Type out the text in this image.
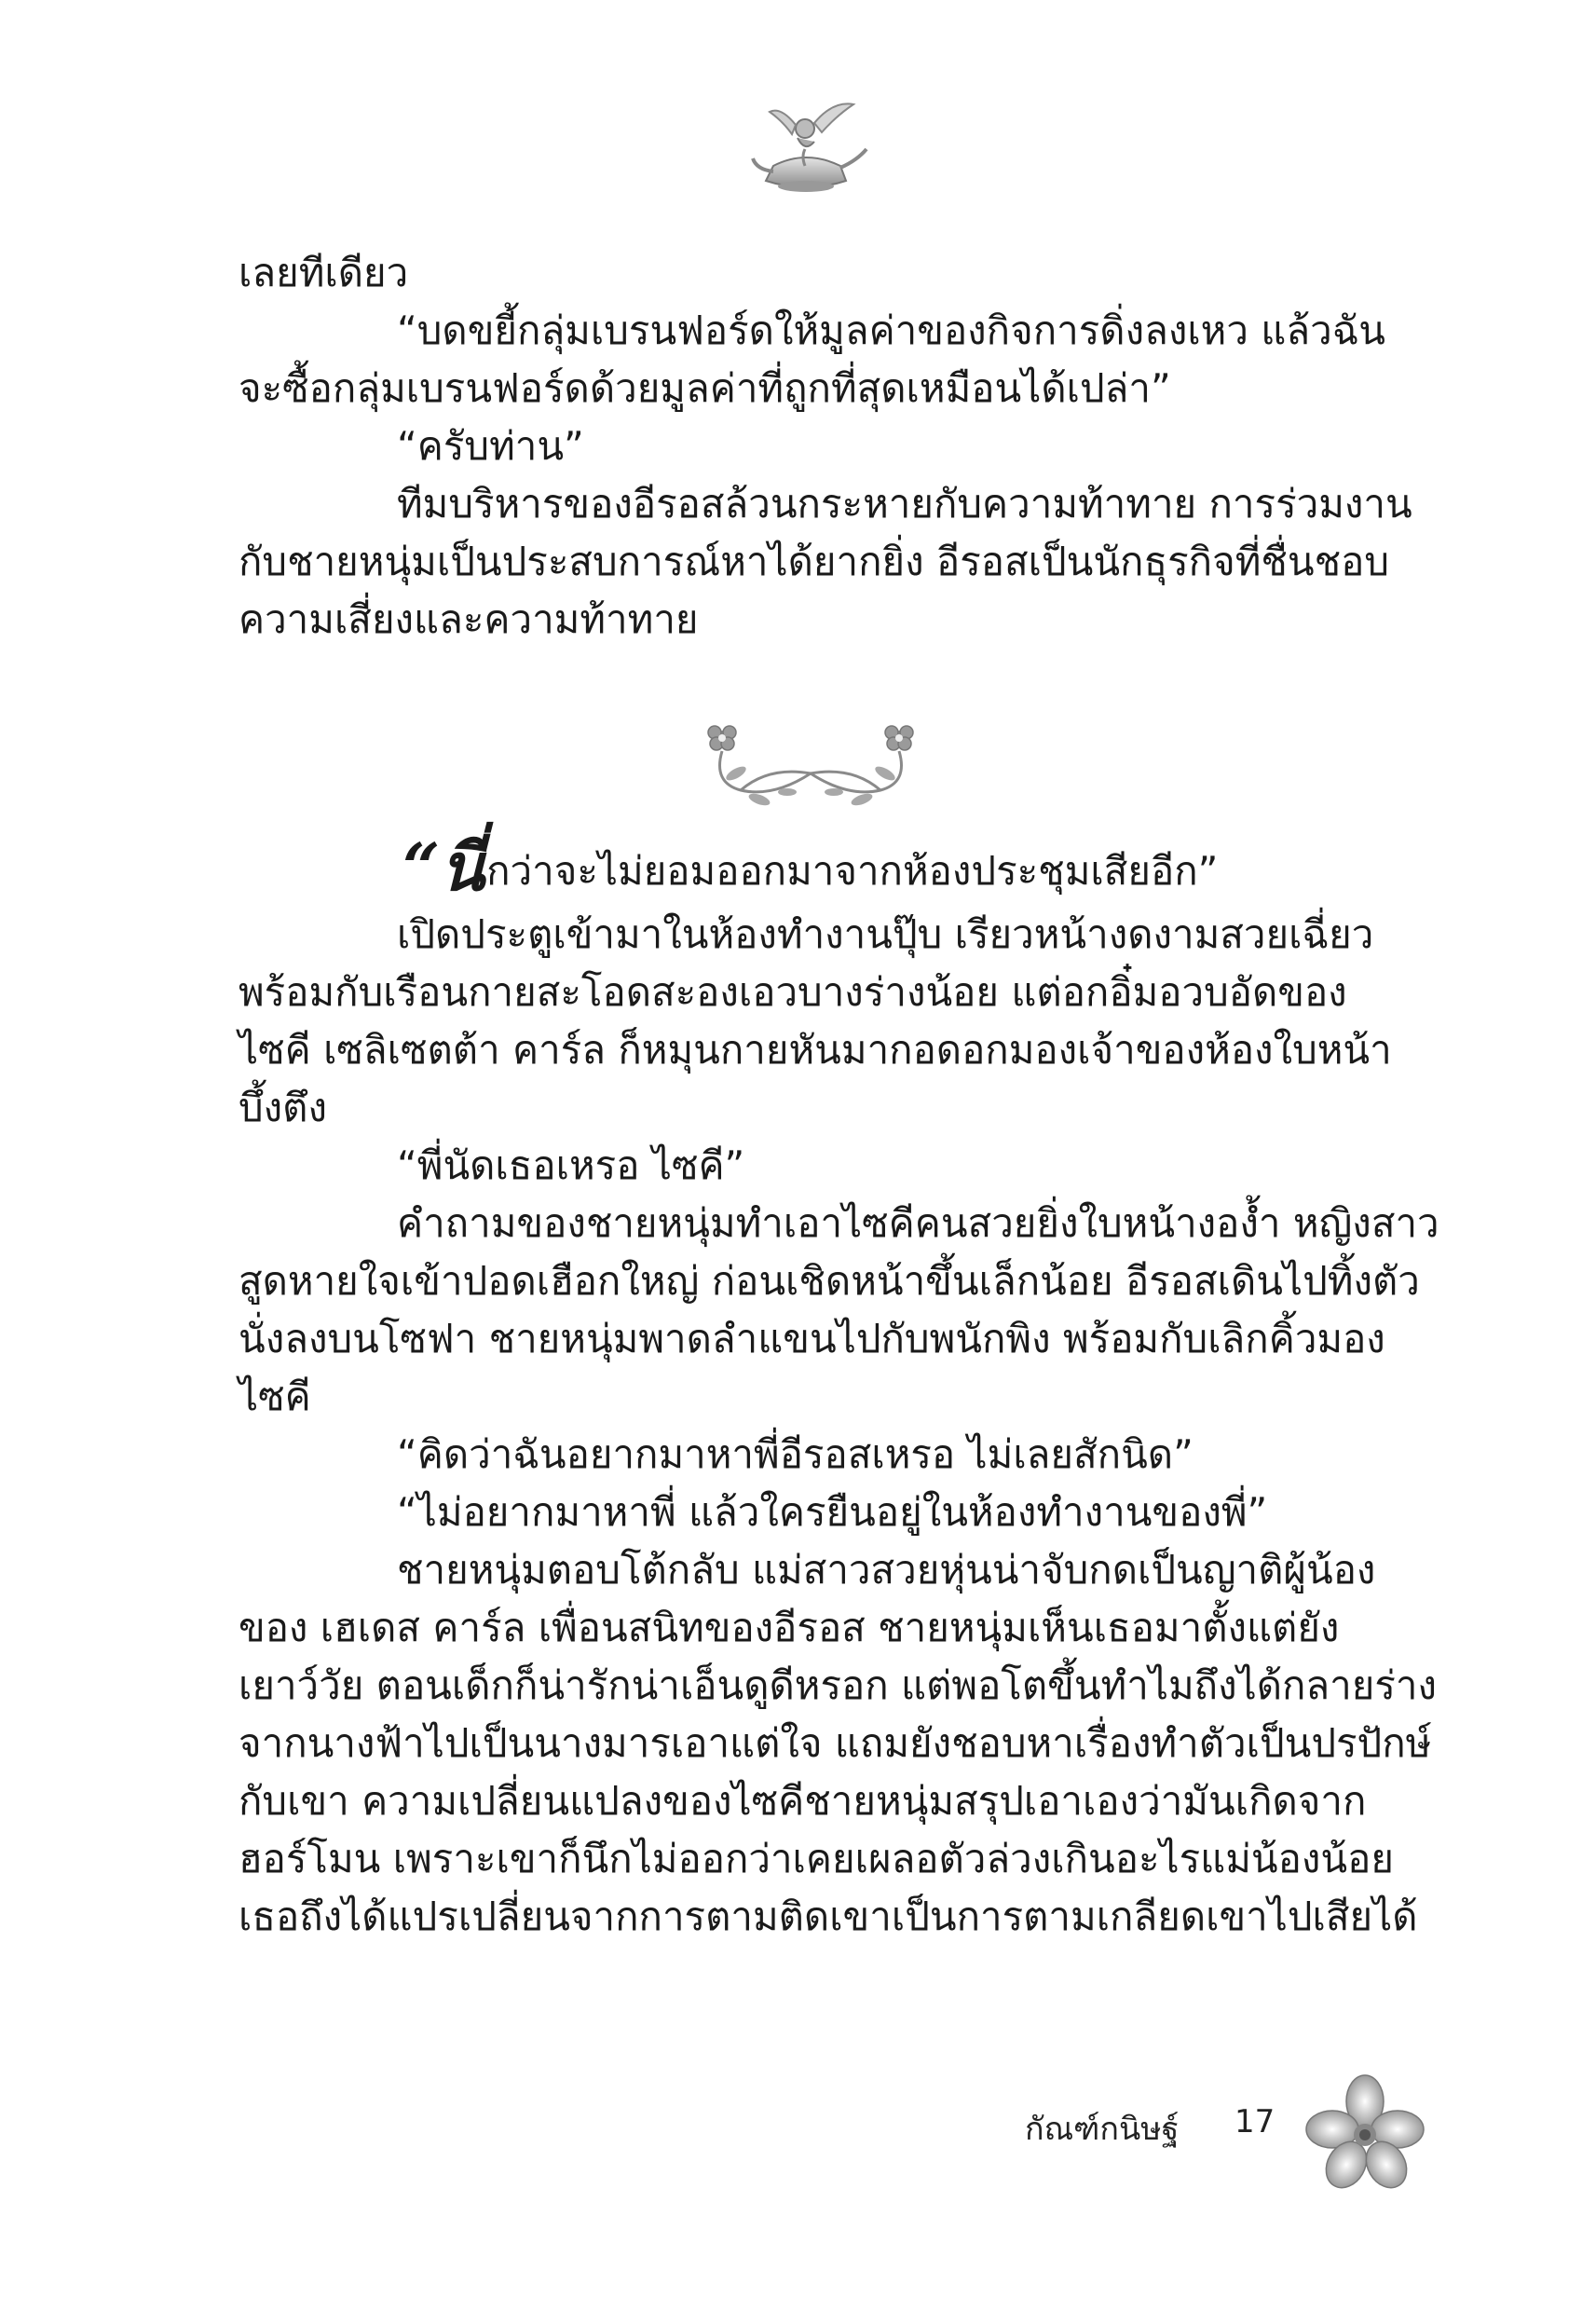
เลยทีเดียว
“บดขยี้กลุ่มเบรนฟอร์ดให้มูลค่าของกิจการดิ่งลงเหว แล้วฉัน
จะซื้อกลุ่มเบรนฟอร์ดด้วยมูลค่าที่ถูกที่สุดเหมือนได้เปล่า”
“ครับท่าน”
ทีมบริหารของอีรอสล้วนกระหายกับความท้าทาย การร่วมงาน
กับชายหนุ่มเป็นประสบการณ์หาได้ยากยิ่ง อีรอสเป็นนักธุรกิจที่ชื่นชอบ
ความเสี่ยงและความท้าทาย
“นี่กว่าจะไม่ยอมออกมาจากห้องประชุมเสียอีก”
เปิดประตูเข้ามาในห้องทำงานปุ๊บ เรียวหน้างดงามสวยเฉี่ยว
พร้อมกับเรือนกายสะโอดสะองเอวบางร่างน้อย แต่อกอิ๋มอวบอัดของ
ไซคี เซลิเซตต้า คาร์ล ก็หมุนกายหันมากอดอกมองเจ้าของห้องใบหน้า
บึ้งตึง
“พี่นัดเธอเหรอ ไซคี”
คำถามของชายหนุ่มทำเอาไซคีคนสวยยิ่งใบหน้างองํ้า หญิงสาว
สูดหายใจเข้าปอดเฮือกใหญ่ ก่อนเชิดหน้าขึ้นเล็กน้อย อีรอสเดินไปทิ้งตัว
นั่งลงบนโซฟา ชายหนุ่มพาดลำแขนไปกับพนักพิง พร้อมกับเลิกคิ้วมอง
ไซคี
“คิดว่าฉันอยากมาหาพี่อีรอสเหรอ ไม่เลยสักนิด”
“ไม่อยากมาหาพี่ แล้วใครยืนอยู่ในห้องทำงานของพี่”
ชายหนุ่มตอบโต้กลับ แม่สาวสวยหุ่นน่าจับกดเป็นญาติผู้น้อง
ของ เฮเดส คาร์ล เพื่อนสนิทของอีรอส ชายหนุ่มเห็นเธอมาตั้งแต่ยัง
เยาว์วัย ตอนเด็กก็น่ารักน่าเอ็นดูดีหรอก แต่พอโตขึ้นทำไมถึงได้กลายร่าง
จากนางฟ้าไปเป็นนางมารเอาแต่ใจ แถมยังชอบหาเรื่องทำตัวเป็นปรปักษ์
กับเขา ความเปลี่ยนแปลงของไซคีชายหนุ่มสรุปเอาเองว่ามันเกิดจาก
ฮอร์โมน เพราะเขาก็นึกไม่ออกว่าเคยเผลอตัวล่วงเกินอะไรแม่น้องน้อย
เธอถึงได้แปรเปลี่ยนจากการตามติดเขาเป็นการตามเกลียดเขาไปเสียได้
กัณฑ์กนิษฐ์ 17
